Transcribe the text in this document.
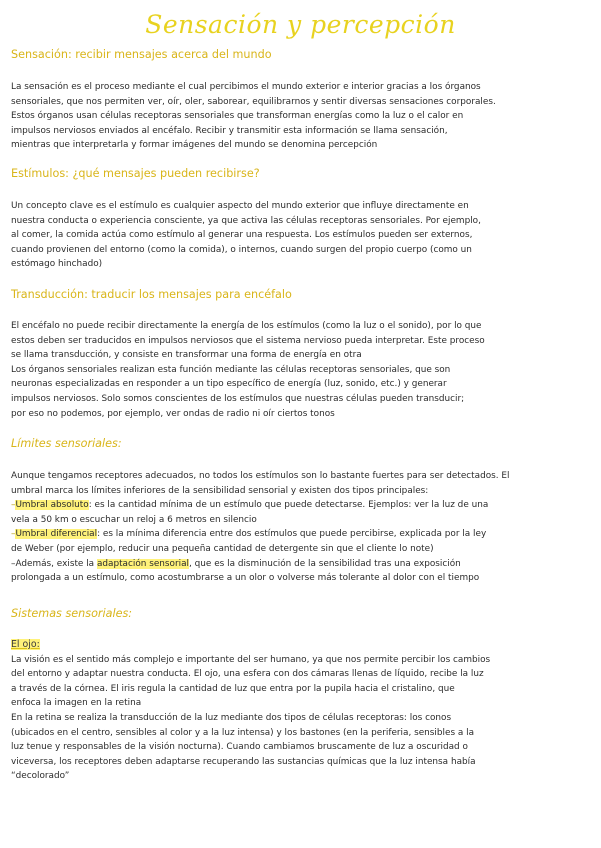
Sensación y percepción
Sensación: recibir mensajes acerca del mundo
La sensación es el proceso mediante el cual percibimos el mundo exterior e interior gracias a los órganos
sensoriales, que nos permiten ver, oír, oler, saborear, equilibrarnos y sentir diversas sensaciones corporales.
Estos órganos usan células receptoras sensoriales que transforman energías como la luz o el calor en
impulsos nerviosos enviados al encéfalo. Recibir y transmitir esta información se llama sensación,
mientras que interpretarla y formar imágenes del mundo se denomina percepción
Estímulos: ¿qué mensajes pueden recibirse?
Un concepto clave es el estímulo es cualquier aspecto del mundo exterior que influye directamente en
nuestra conducta o experiencia consciente, ya que activa las células receptoras sensoriales. Por ejemplo,
al comer, la comida actúa como estímulo al generar una respuesta. Los estímulos pueden ser externos,
cuando provienen del entorno (como la comida), o internos, cuando surgen del propio cuerpo (como un
estómago hinchado)
Transducción: traducir los mensajes para encéfalo
El encéfalo no puede recibir directamente la energía de los estímulos (como la luz o el sonido), por lo que
estos deben ser traducidos en impulsos nerviosos que el sistema nervioso pueda interpretar. Este proceso
se llama transducción, y consiste en transformar una forma de energía en otra
Los órganos sensoriales realizan esta función mediante las células receptoras sensoriales, que son
neuronas especializadas en responder a un tipo específico de energía (luz, sonido, etc.) y generar
impulsos nerviosos. Solo somos conscientes de los estímulos que nuestras células pueden transducir;
por eso no podemos, por ejemplo, ver ondas de radio ni oír ciertos tonos
Límites sensoriales:
Aunque tengamos receptores adecuados, no todos los estímulos son lo bastante fuertes para ser detectados. El
umbral marca los límites inferiores de la sensibilidad sensorial y existen dos tipos principales:
–Umbral absoluto: es la cantidad mínima de un estímulo que puede detectarse. Ejemplos: ver la luz de una
vela a 50 km o escuchar un reloj a 6 metros en silencio
–Umbral diferencial: es la mínima diferencia entre dos estímulos que puede percibirse, explicada por la ley
de Weber (por ejemplo, reducir una pequeña cantidad de detergente sin que el cliente lo note)
–Además, existe la adaptación sensorial, que es la disminución de la sensibilidad tras una exposición
prolongada a un estímulo, como acostumbrarse a un olor o volverse más tolerante al dolor con el tiempo
Sistemas sensoriales:
El ojo:
La visión es el sentido más complejo e importante del ser humano, ya que nos permite percibir los cambios
del entorno y adaptar nuestra conducta. El ojo, una esfera con dos cámaras llenas de líquido, recibe la luz
a través de la córnea. El iris regula la cantidad de luz que entra por la pupila hacia el cristalino, que
enfoca la imagen en la retina
En la retina se realiza la transducción de la luz mediante dos tipos de células receptoras: los conos
(ubicados en el centro, sensibles al color y a la luz intensa) y los bastones (en la periferia, sensibles a la
luz tenue y responsables de la visión nocturna). Cuando cambiamos bruscamente de luz a oscuridad o
viceversa, los receptores deben adaptarse recuperando las sustancias químicas que la luz intensa había
“decolorado”
